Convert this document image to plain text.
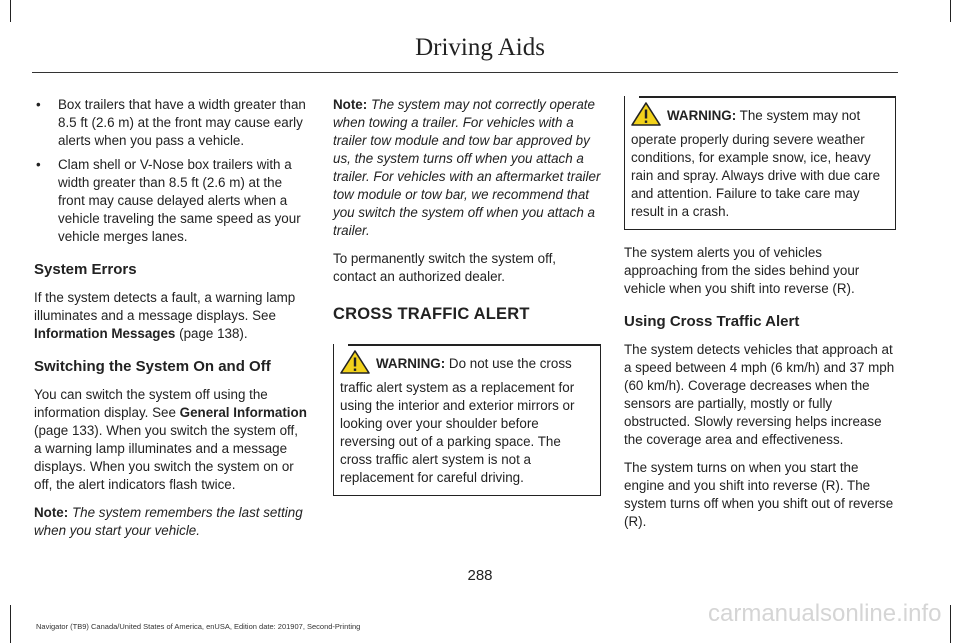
Driving Aids
• Box trailers that have a width greater than 8.5 ft (2.6 m) at the front may cause early alerts when you pass a vehicle.
• Clam shell or V-Nose box trailers with a width greater than 8.5 ft (2.6 m) at the front may cause delayed alerts when a vehicle traveling the same speed as your vehicle merges lanes.
System Errors

If the system detects a fault, a warning lamp illuminates and a message displays. See Information Messages (page 138).

Switching the System On and Off

You can switch the system off using the information display. See General Information (page 133). When you switch the system off, a warning lamp illuminates and a message displays. When you switch the system on or off, the alert indicators flash twice.

Note: The system remembers the last setting when you start your vehicle.

Note: The system may not correctly operate when towing a trailer. For vehicles with a trailer tow module and tow bar approved by us, the system turns off when you attach a trailer. For vehicles with an aftermarket trailer tow module or tow bar, we recommend that you switch the system off when you attach a trailer.

To permanently switch the system off, contact an authorized dealer.

CROSS TRAFFIC ALERT
WARNING: Do not use the cross traffic alert system as a replacement for using the interior and exterior mirrors or looking over your shoulder before reversing out of a parking space. The cross traffic alert system is not a replacement for careful driving.
WARNING: The system may not operate properly during severe weather conditions, for example snow, ice, heavy rain and spray. Always drive with due care and attention. Failure to take care may result in a crash.

The system alerts you of vehicles approaching from the sides behind your vehicle when you shift into reverse (R).

Using Cross Traffic Alert

The system detects vehicles that approach at a speed between 4 mph (6 km/h) and 37 mph (60 km/h). Coverage decreases when the sensors are partially, mostly or fully obstructed. Slowly reversing helps increase the coverage area and effectiveness.

The system turns on when you start the engine and you shift into reverse (R). The system turns off when you shift out of reverse (R).

288
Navigator (TB9) Canada/United States of America, enUSA, Edition date: 201907, Second-Printing	carmanualsonline.info
